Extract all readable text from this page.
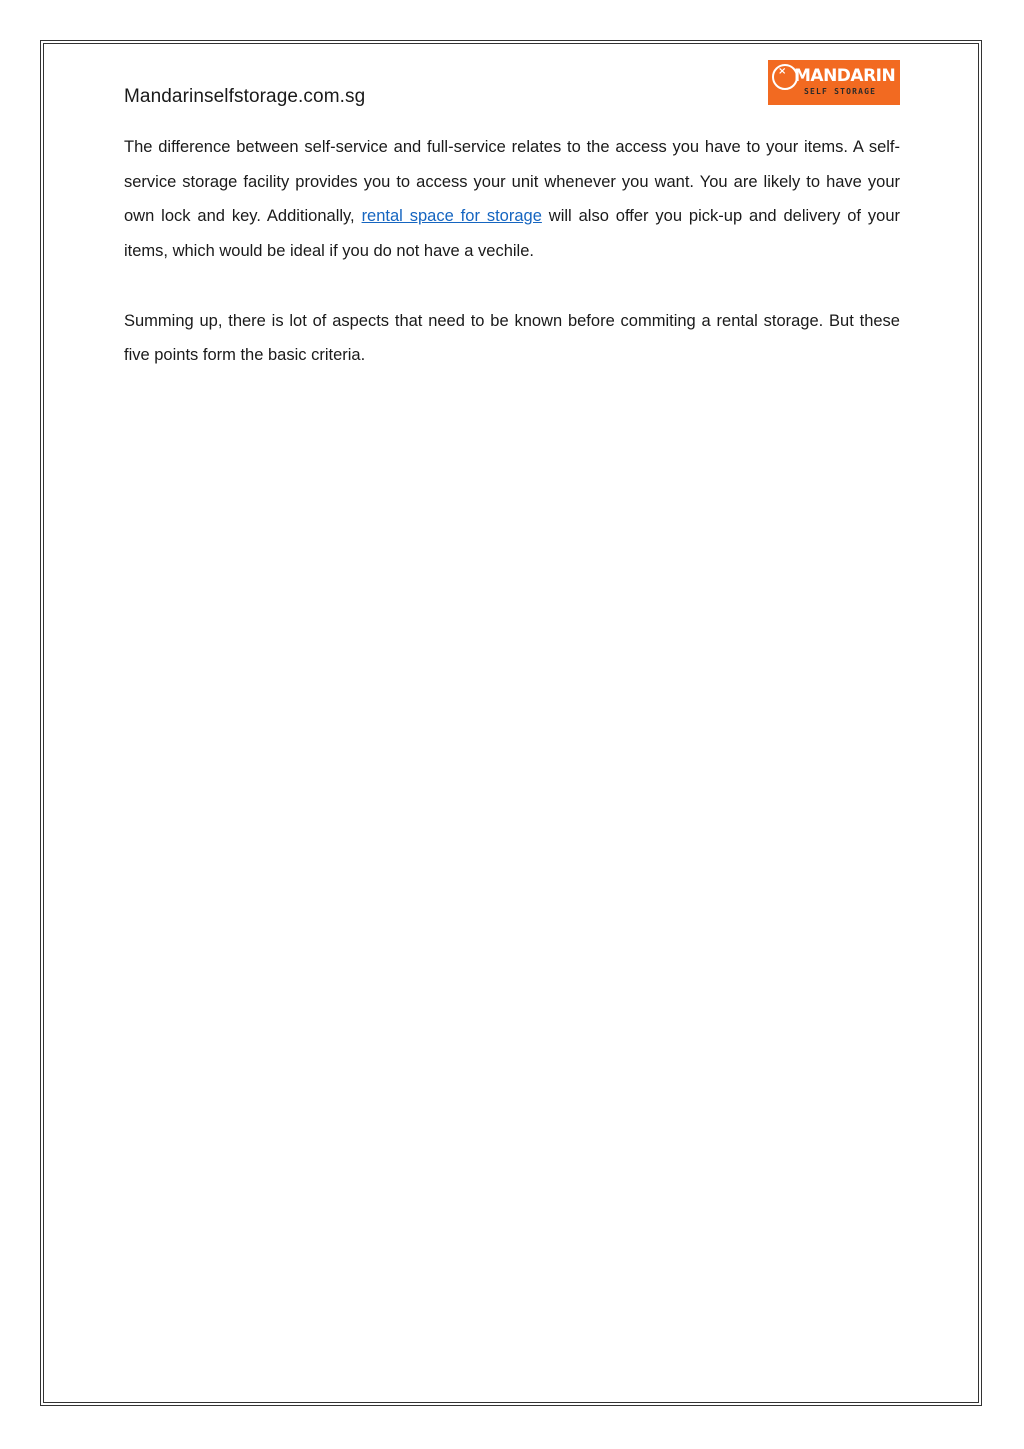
Mandarinselfstorage.com.sg
× MANDARIN
SELF STORAGE

The difference between self-service and full-service relates to the access you have to your items. A self-service storage facility provides you to access your unit whenever you want. You are likely to have your own lock and key. Additionally, rental space for storage will also offer you pick-up and delivery of your items, which would be ideal if you do not have a vechile.

Summing up, there is lot of aspects that need to be known before commiting a rental storage. But these five points form the basic criteria.
